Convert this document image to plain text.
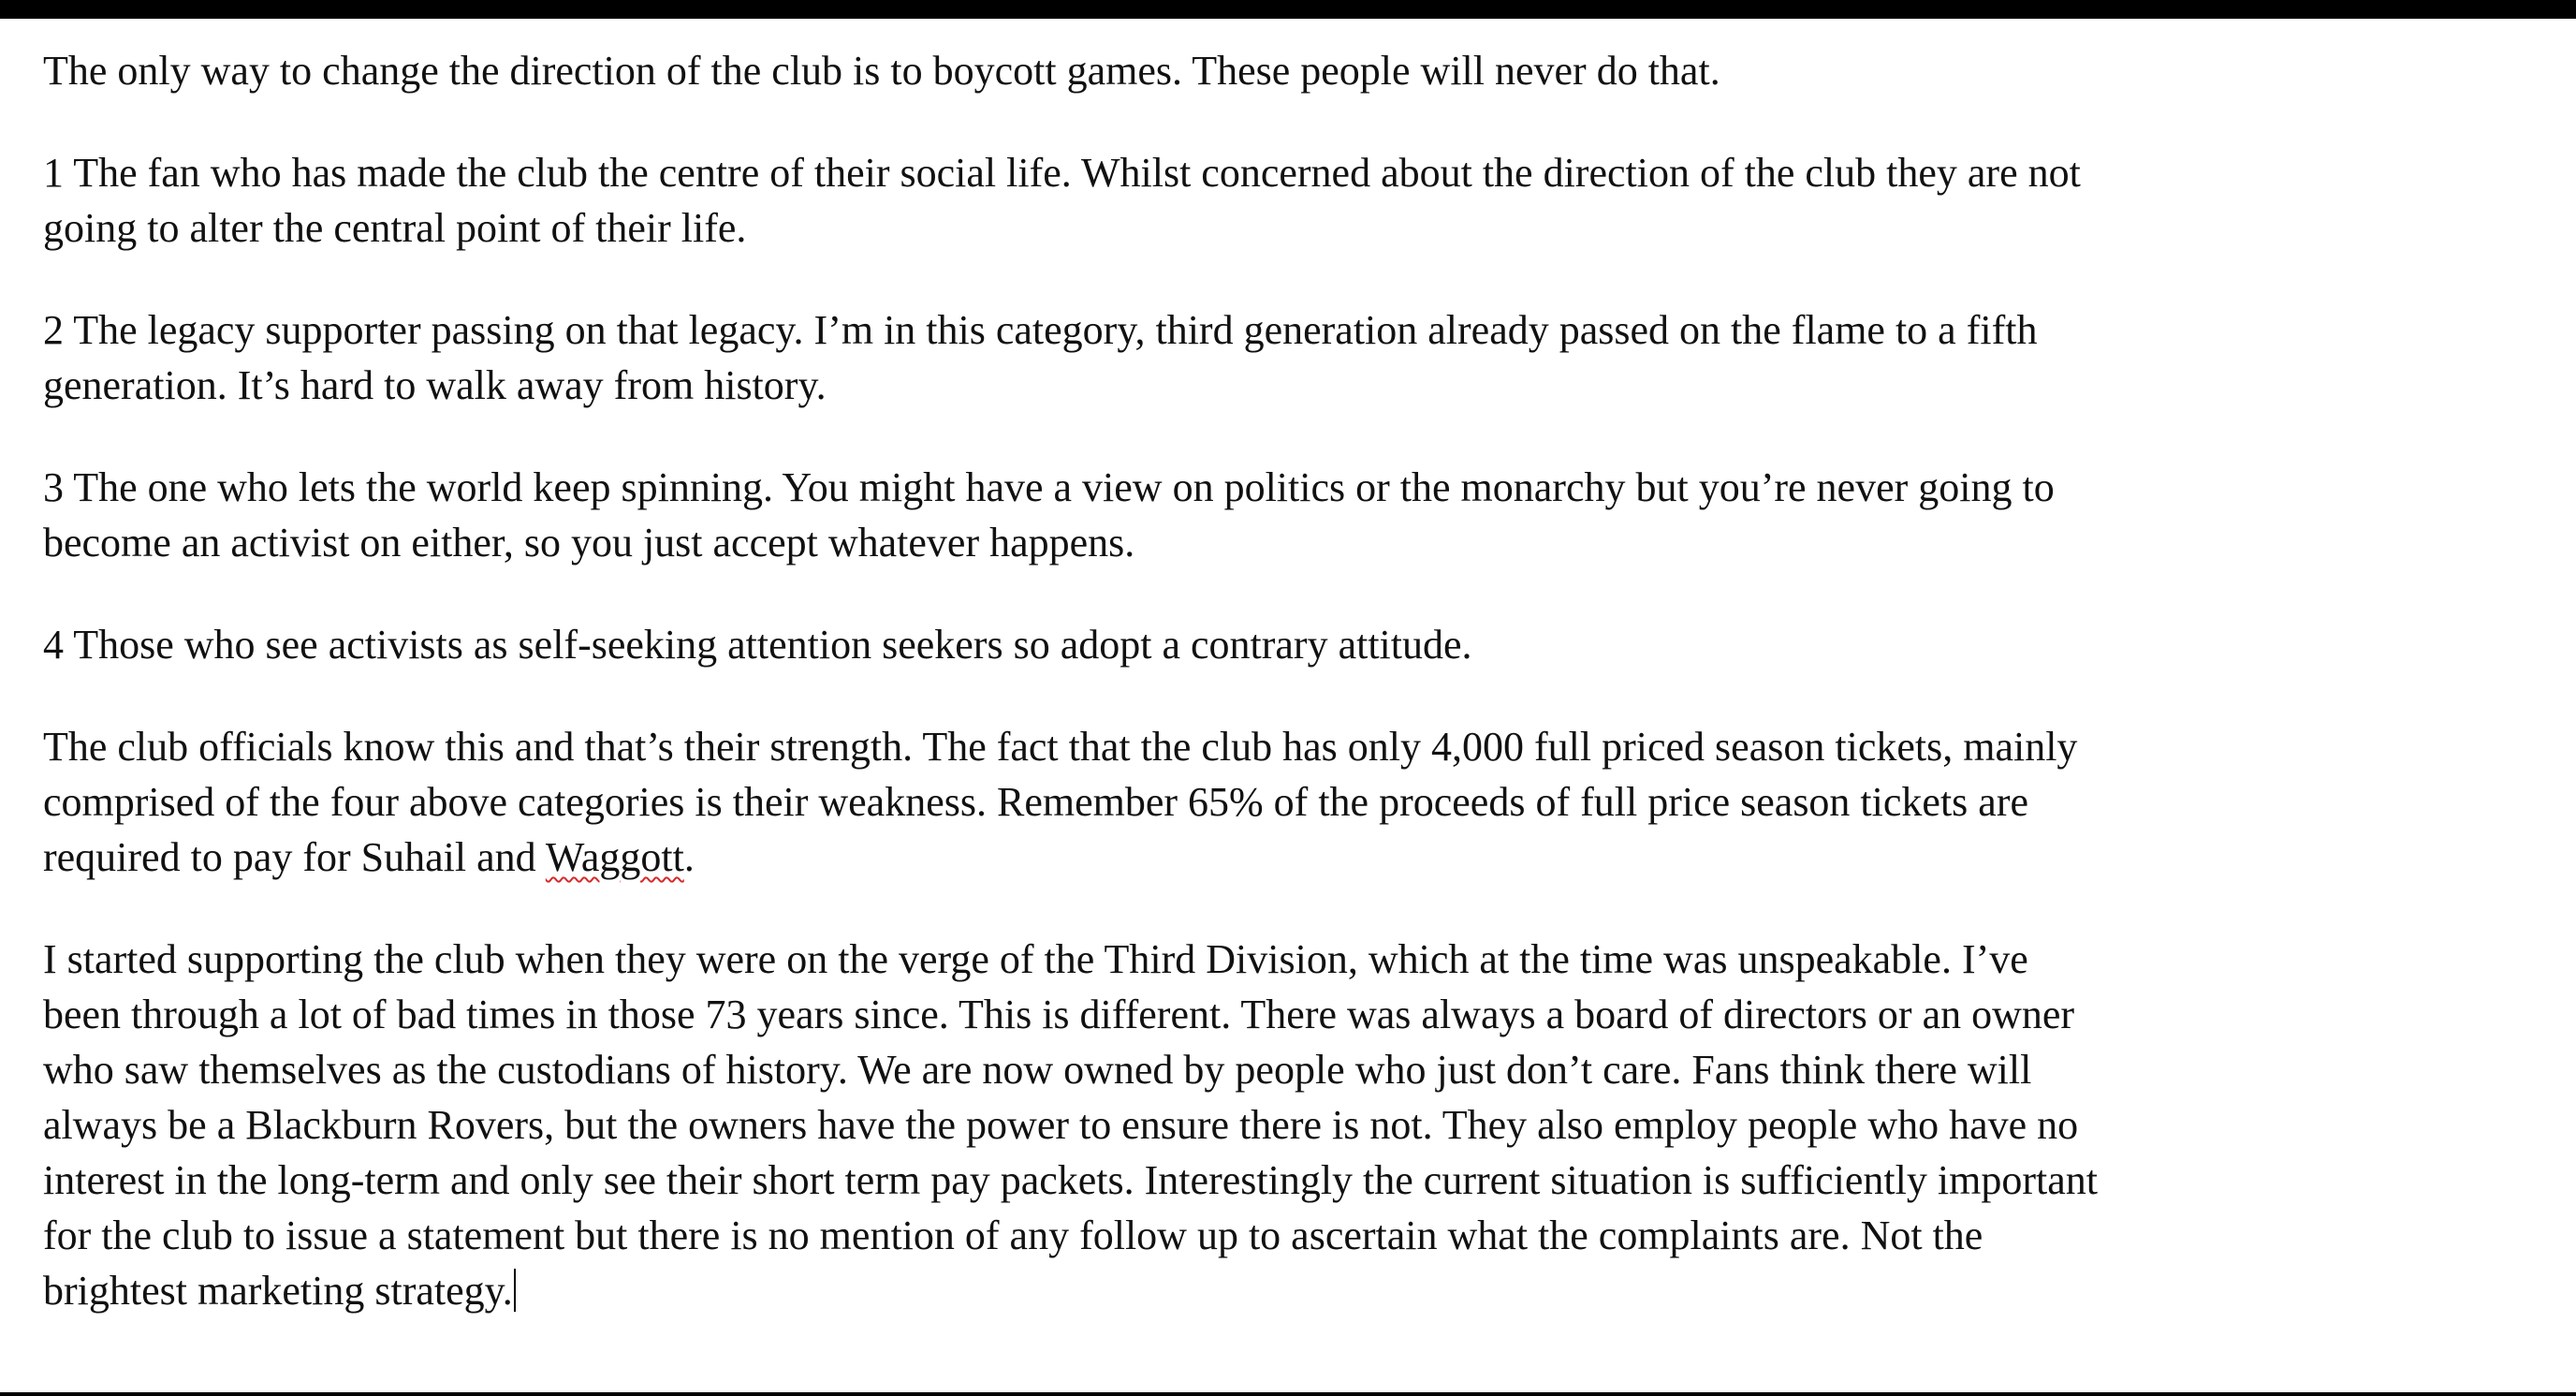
The only way to change the direction of the club is to boycott games. These people will never do that.

1 The fan who has made the club the centre of their social life. Whilst concerned about the direction of the club they are not
going to alter the central point of their life.

2 The legacy supporter passing on that legacy. I’m in this category, third generation already passed on the flame to a fifth
generation. It’s hard to walk away from history.

3 The one who lets the world keep spinning. You might have a view on politics or the monarchy but you’re never going to
become an activist on either, so you just accept whatever happens.

4 Those who see activists as self-seeking attention seekers so adopt a contrary attitude.

The club officials know this and that’s their strength. The fact that the club has only 4,000 full priced season tickets, mainly
comprised of the four above categories is their weakness. Remember 65% of the proceeds of full price season tickets are
required to pay for Suhail and Waggott.

I started supporting the club when they were on the verge of the Third Division, which at the time was unspeakable. I’ve
been through a lot of bad times in those 73 years since. This is different. There was always a board of directors or an owner
who saw themselves as the custodians of history. We are now owned by people who just don’t care. Fans think there will
always be a Blackburn Rovers, but the owners have the power to ensure there is not. They also employ people who have no
interest in the long-term and only see their short term pay packets. Interestingly the current situation is sufficiently important
for the club to issue a statement but there is no mention of any follow up to ascertain what the complaints are. Not the
brightest marketing strategy.
